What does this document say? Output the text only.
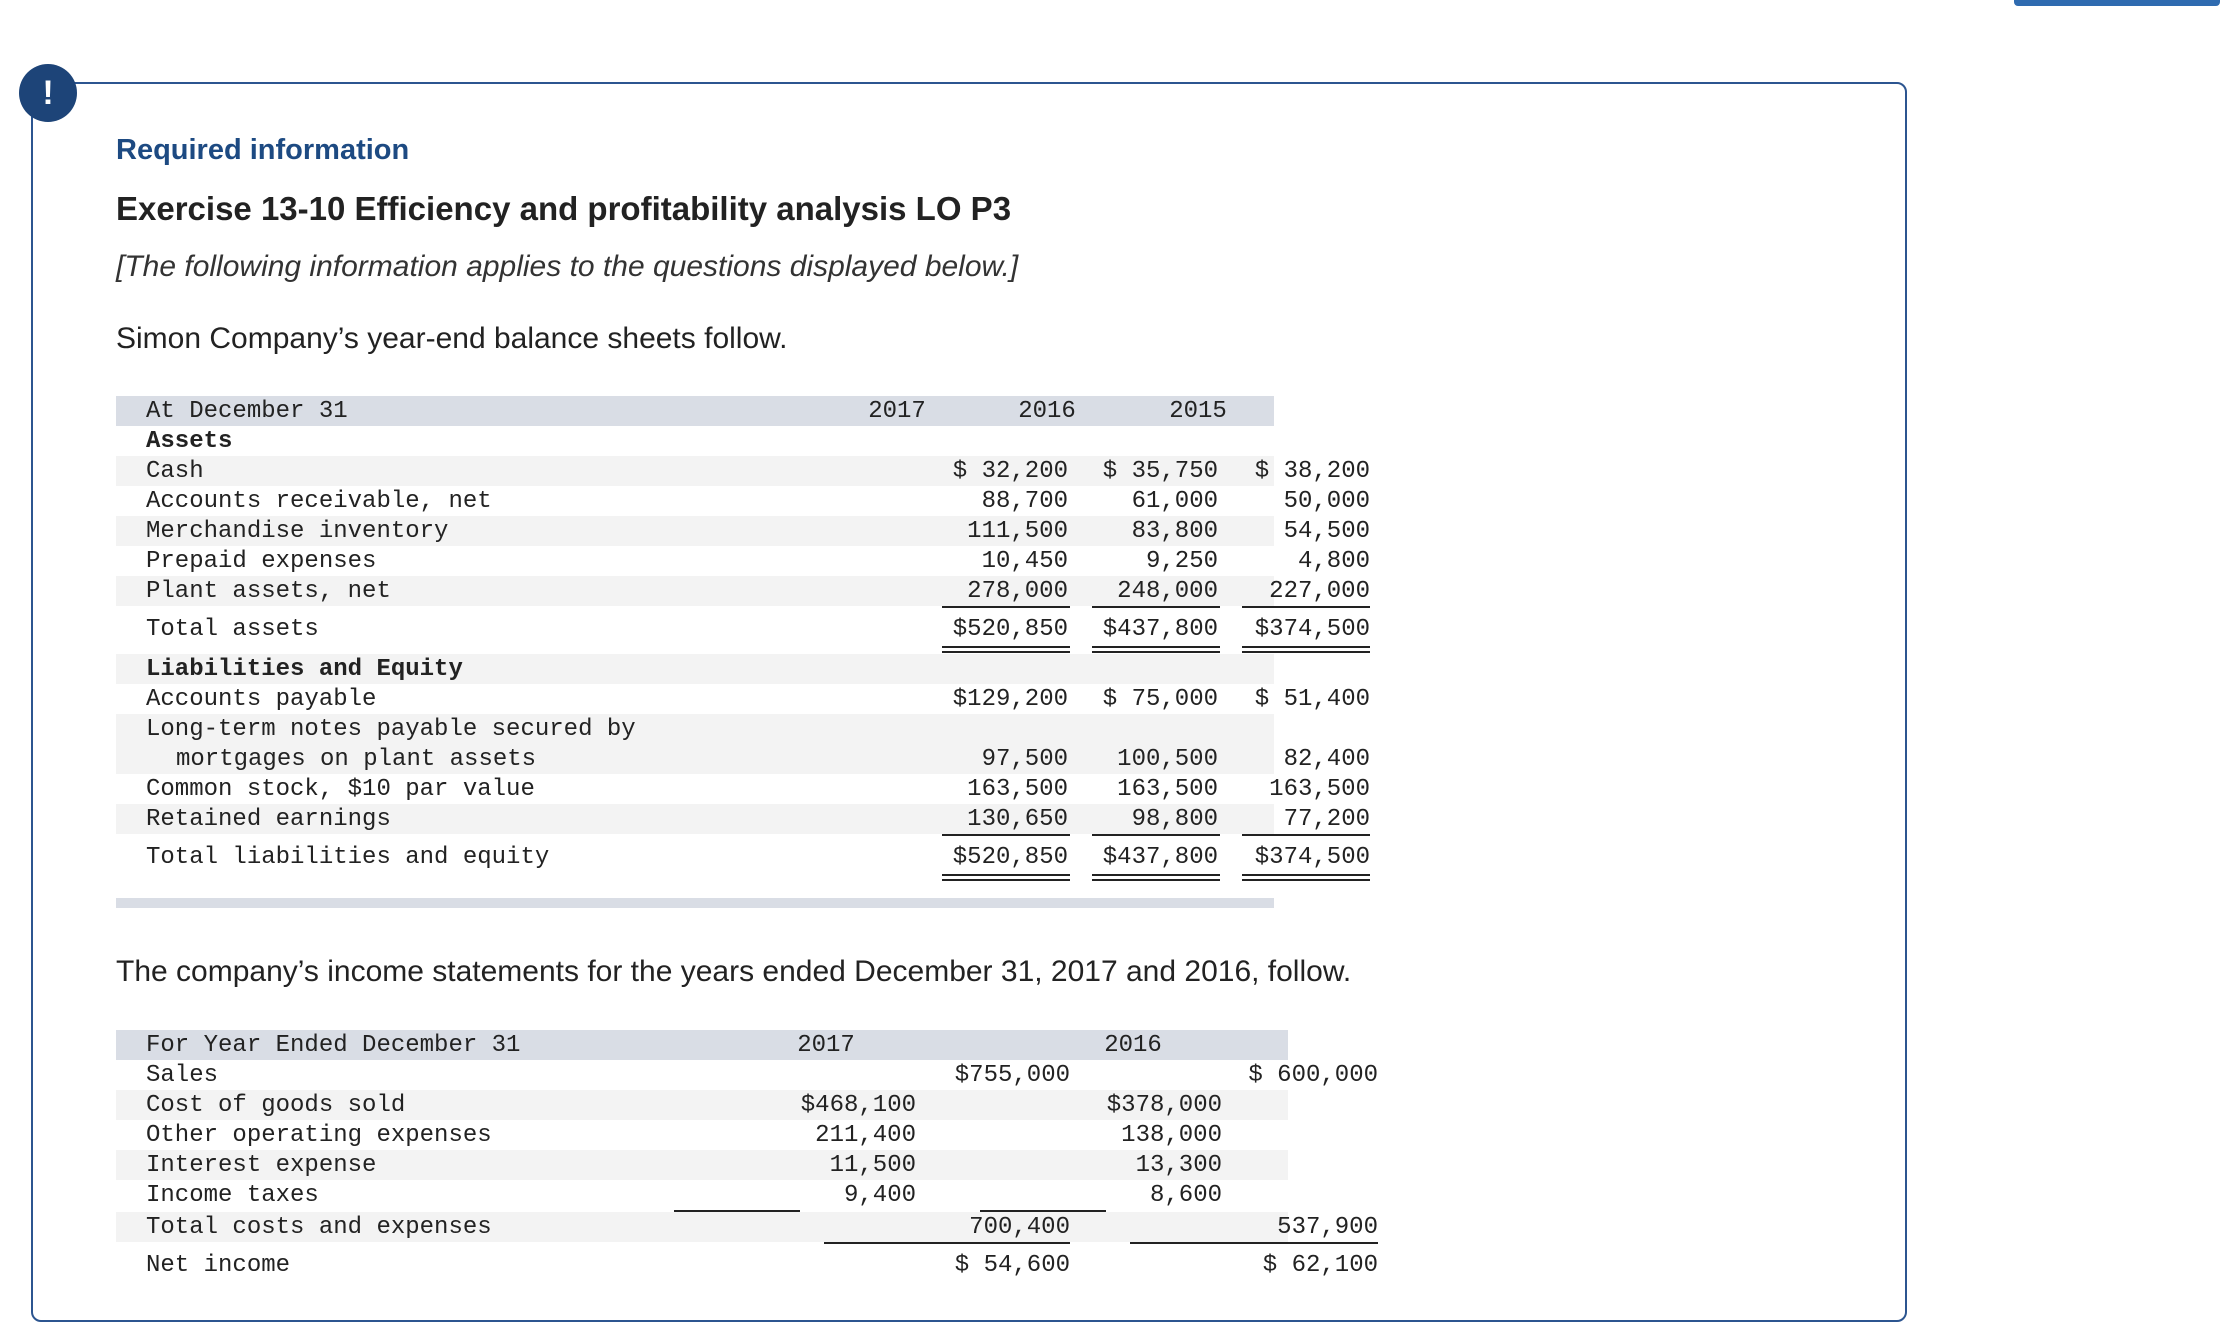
!
Required information
Exercise 13-10 Efficiency and profitability analysis LO P3
[The following information applies to the questions displayed below.]
Simon Company’s year-end balance sheets follow.
At December 31	2017	2016	2015
Assets
Cash	$ 32,200	$ 35,750	$ 38,200
Accounts receivable, net	88,700	61,000	50,000
Merchandise inventory	111,500	83,800	54,500
Prepaid expenses	10,450	9,250	4,800
Plant assets, net	278,000	248,000	227,000
Total assets	$520,850	$437,800	$374,500
Liabilities and Equity
Accounts payable	$129,200	$ 75,000	$ 51,400
Long-term notes payable secured by
mortgages on plant assets	97,500	100,500	82,400
Common stock, $10 par value	163,500	163,500	163,500
Retained earnings	130,650	98,800	77,200
Total liabilities and equity	$520,850	$437,800	$374,500
The company’s income statements for the years ended December 31, 2017 and 2016, follow.
For Year Ended December 31	2017	2016
Sales	$755,000	$ 600,000
Cost of goods sold	$468,100	$378,000
Other operating expenses	211,400	138,000
Interest expense	11,500	13,300
Income taxes	9,400	8,600
Total costs and expenses	700,400	537,900
Net income	$ 54,600	$ 62,100
